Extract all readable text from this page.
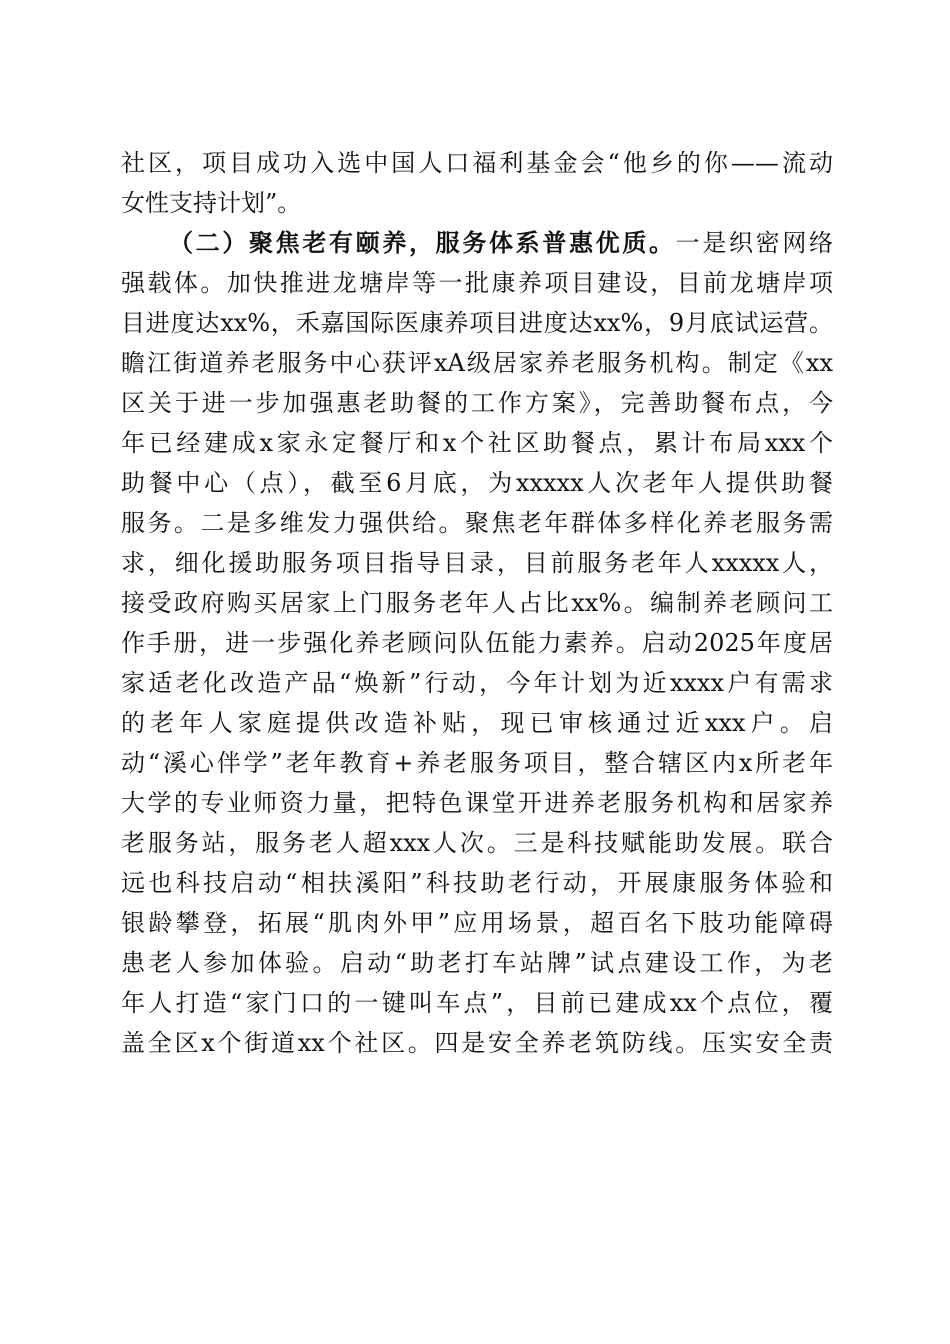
社区，项目成功入选中国人口福利基金会“他乡的你——流动
女性支持计划”。
（二）聚焦老有颐养，服务体系普惠优质。一是织密网络
强载体。加快推进龙塘岸等一批康养项目建设，目前龙塘岸项
目进度达xx%，禾嘉国际医康养项目进度达xx%，9月底试运营。
瞻江街道养老服务中心获评xA级居家养老服务机构。制定《xx
区关于进一步加强惠老助餐的工作方案》，完善助餐布点，今
年已经建成x家永定餐厅和x个社区助餐点，累计布局xxx个
助餐中心（点），截至6月底，为xxxxx人次老年人提供助餐
服务。二是多维发力强供给。聚焦老年群体多样化养老服务需
求，细化援助服务项目指导目录，目前服务老年人xxxxx人，
接受政府购买居家上门服务老年人占比xx%。编制养老顾问工
作手册，进一步强化养老顾问队伍能力素养。启动2025年度居
家适老化改造产品“焕新”行动，今年计划为近xxxx户有需求
的老年人家庭提供改造补贴，现已审核通过近xxx户。启
动“溪心伴学”老年教育+养老服务项目，整合辖区内x所老年
大学的专业师资力量，把特色课堂开进养老服务机构和居家养
老服务站，服务老人超xxx人次。三是科技赋能助发展。联合
远也科技启动“相扶溪阳”科技助老行动，开展康服务体验和
银龄攀登，拓展“肌肉外甲”应用场景，超百名下肢功能障碍
患老人参加体验。启动“助老打车站牌”试点建设工作，为老
年人打造“家门口的一键叫车点”，目前已建成xx个点位，覆
盖全区x个街道xx个社区。四是安全养老筑防线。压实安全责
